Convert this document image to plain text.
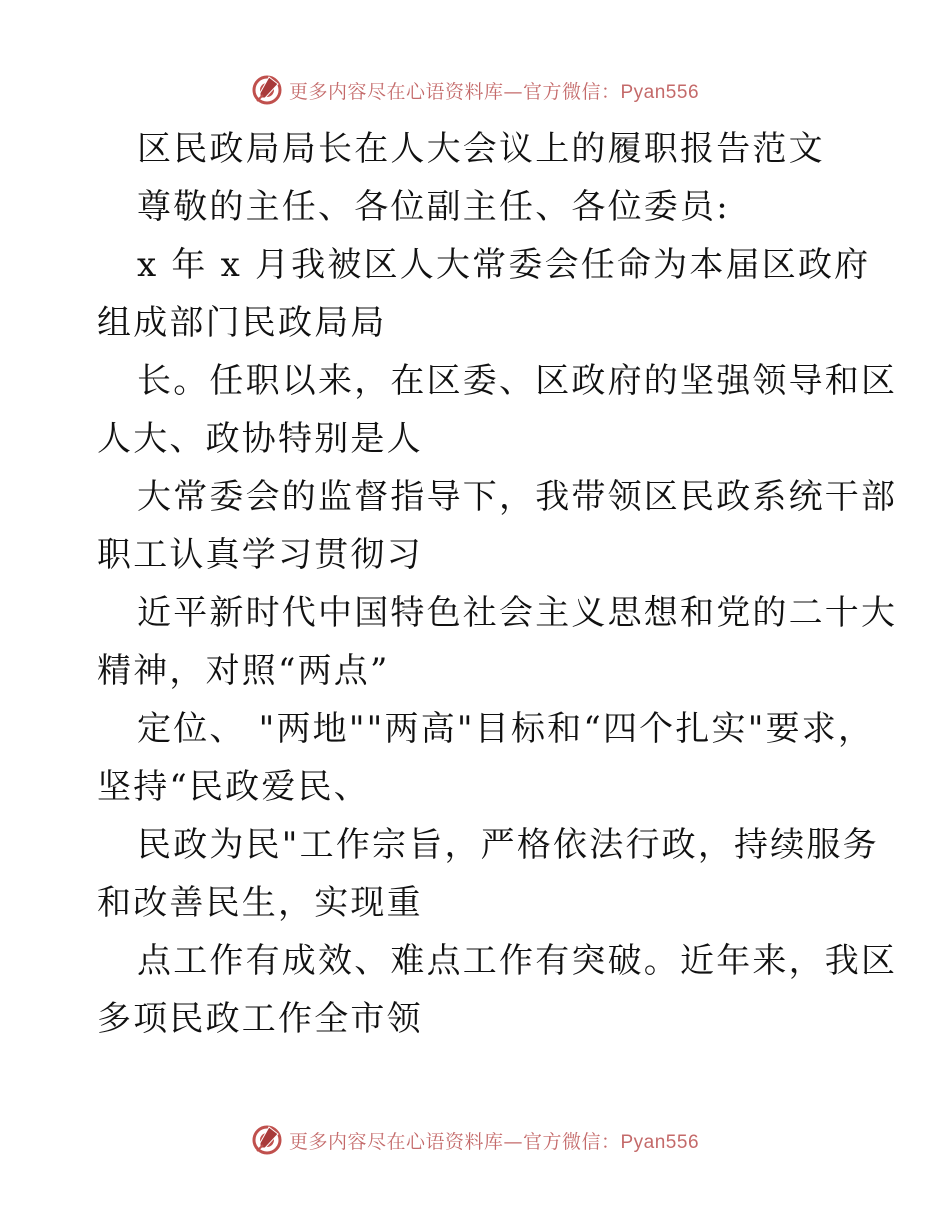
更多内容尽在心语资料库—官方微信：Pyan556
区民政局局长在人大会议上的履职报告范文
尊敬的主任、各位副主任、各位委员:
x 年 x 月我被区人大常委会任命为本届区政府
组成部门民政局局
长。任职以来，在区委、区政府的坚强领导和区
人大、政协特别是人
大常委会的监督指导下，我带领区民政系统干部
职工认真学习贯彻习
近平新时代中国特色社会主义思想和党的二十大
精神，对照“两点”
定位、 "两地""两高"目标和“四个扎实"要求，
坚持“民政爱民、
民政为民"工作宗旨，严格依法行政，持续服务
和改善民生，实现重
点工作有成效、难点工作有突破。近年来，我区
多项民政工作全市领
更多内容尽在心语资料库—官方微信：Pyan556
